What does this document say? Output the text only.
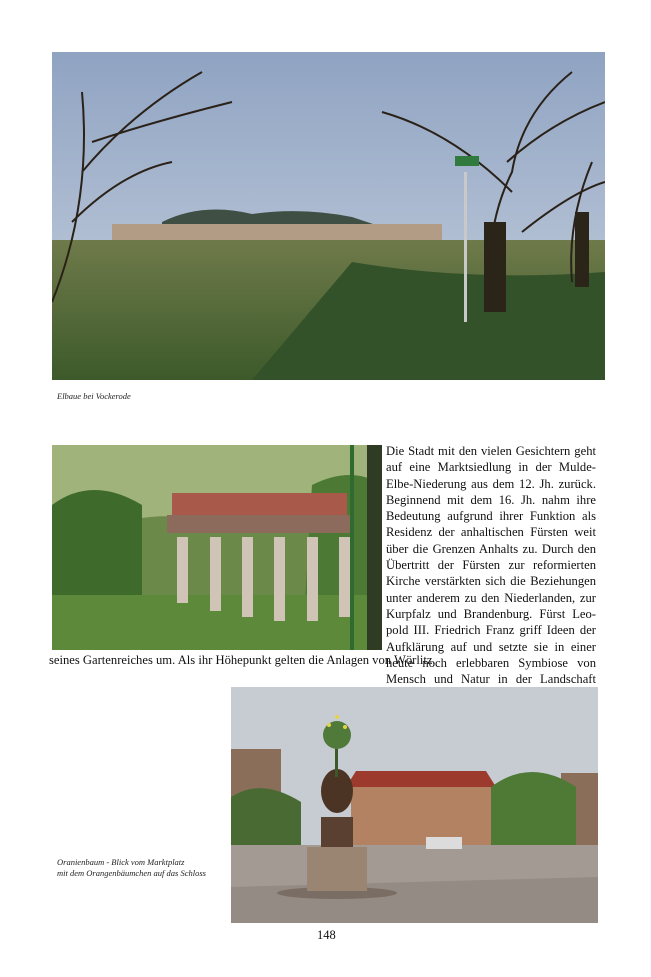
Elbaue bei Vockerode
Die Stadt mit den vielen Gesichtern geht
auf eine Marktsiedlung in der Mulde-
Elbe-Niederung aus dem 12. Jh. zurück.
Beginnend mit dem 16. Jh. nahm ihre
Bedeutung aufgrund ihrer Funktion als
Residenz der anhaltischen Fürsten weit
über die Grenzen Anhalts zu. Durch den
Übertritt der Fürsten zur reformierten
Kirche verstärkten sich die Beziehungen
unter anderem zu den Niederlanden, zur
Kurpfalz und Brandenburg. Fürst Leo-
pold III. Friedrich Franz griff Ideen der
Aufklärung auf und setzte sie in einer
heute noch erlebbaren Symbiose von
Mensch und Natur in der Landschaft

seines Gartenreiches um. Als ihr Höhepunkt gelten die Anlagen von Wörlitz.

Oranienbaum - Blick vom Marktplatz
mit dem Orangenbäumchen auf das Schloss
148
